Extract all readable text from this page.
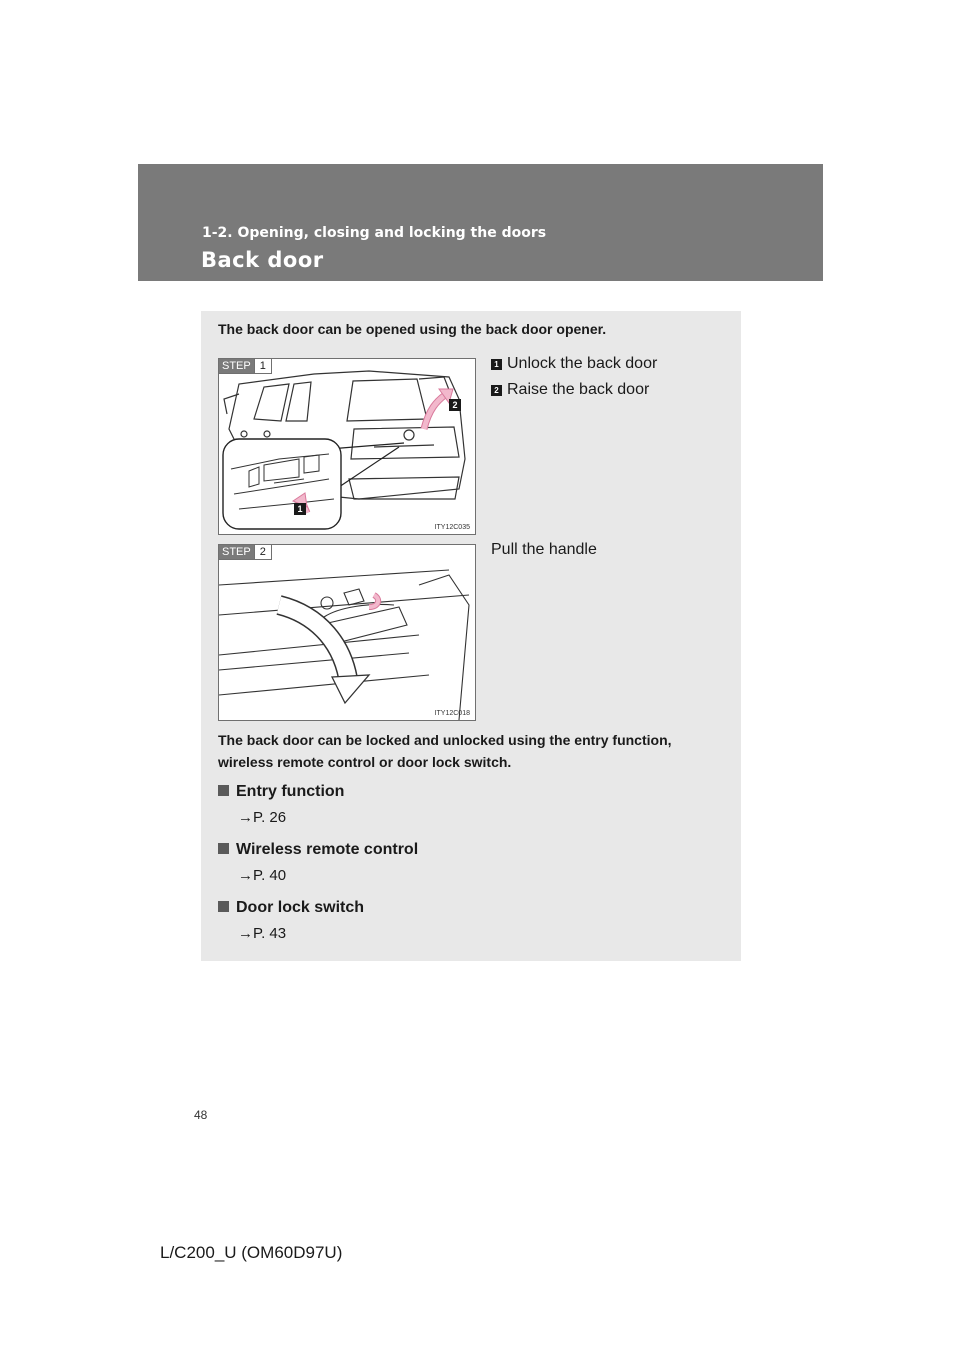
1-2. Opening, closing and locking the doors
Back door
The back door can be opened using the back door opener.
STEP 1
2
1
ITY12C035
1 Unlock the back door
2 Raise the back door
STEP 2
ITY12C018
Pull the handle
The back door can be locked and unlocked using the entry function,
wireless remote control or door lock switch.
Entry function
→P. 26
Wireless remote control
→P. 40
Door lock switch
→P. 43
48
L/C200_U (OM60D97U)
